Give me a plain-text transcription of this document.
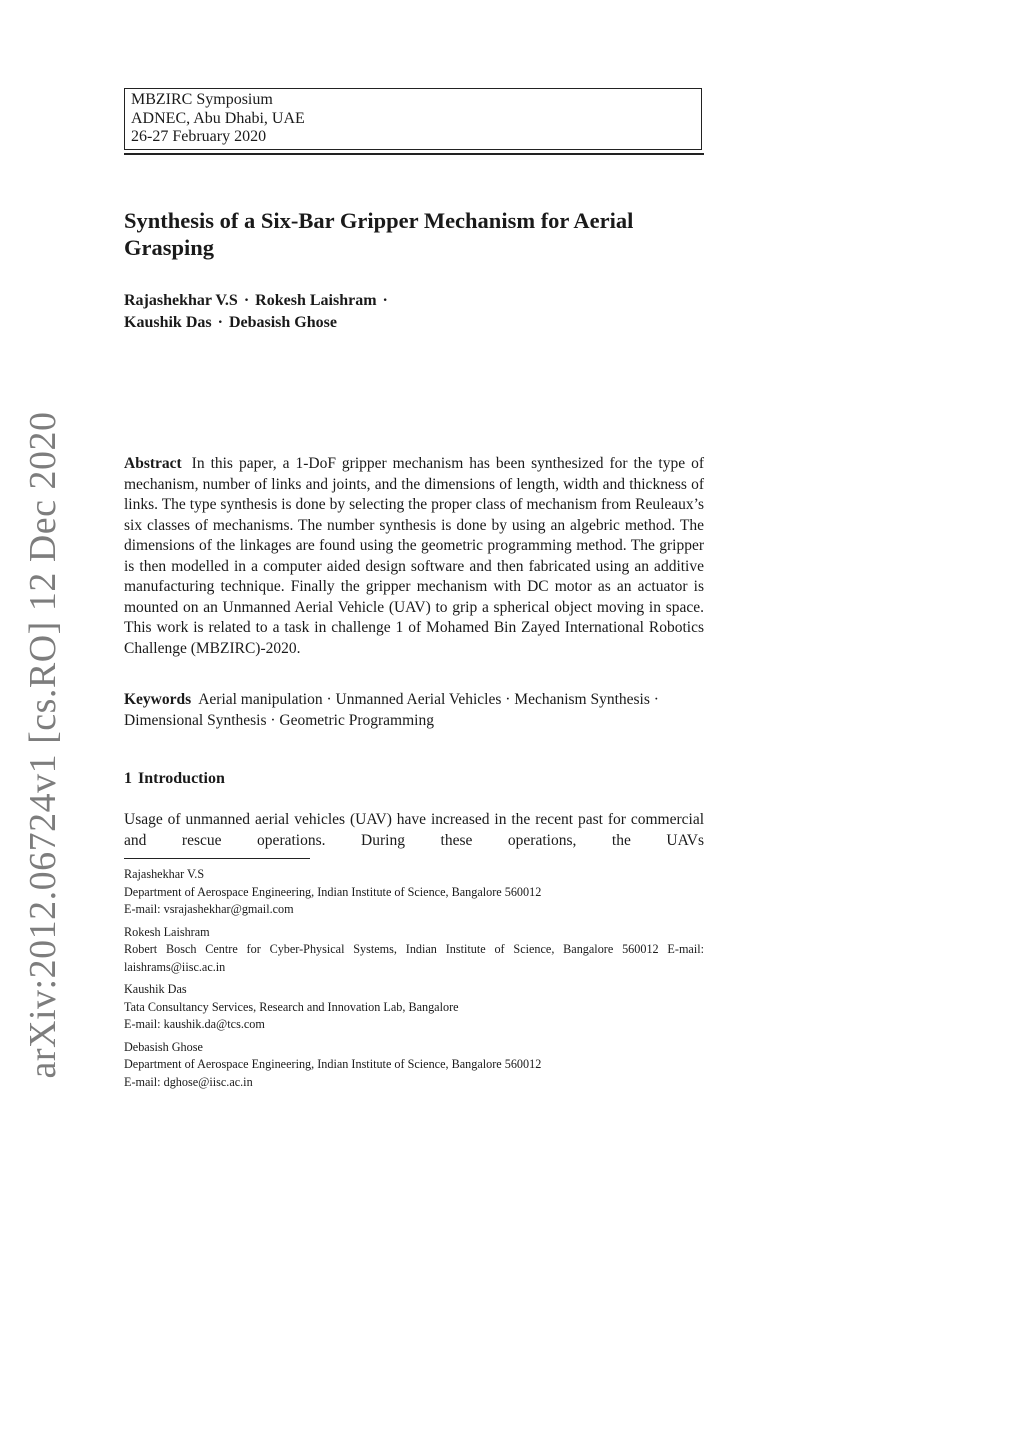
arXiv:2012.06724v1 [cs.RO] 12 Dec 2020
MBZIRC Symposium
ADNEC, Abu Dhabi, UAE
26-27 February 2020
Synthesis of a Six-Bar Gripper Mechanism for Aerial Grasping
Rajashekhar V.S · Rokesh Laishram ·
Kaushik Das · Debasish Ghose

Abstract In this paper, a 1-DoF gripper mechanism has been synthesized for the type of mechanism, number of links and joints, and the dimensions of length, width and thickness of links. The type synthesis is done by selecting the proper class of mechanism from Reuleaux’s six classes of mechanisms. The number synthesis is done by using an algebric method. The dimensions of the linkages are found using the geometric programming method. The gripper is then modelled in a computer aided design software and then fabricated using an additive manufacturing technique. Finally the gripper mechanism with DC motor as an actuator is mounted on an Unmanned Aerial Vehicle (UAV) to grip a spherical object moving in space. This work is related to a task in challenge 1 of Mohamed Bin Zayed International Robotics Challenge (MBZIRC)-2020.

Keywords Aerial manipulation · Unmanned Aerial Vehicles · Mechanism Synthesis · Dimensional Synthesis · Geometric Programming

1 Introduction

Usage of unmanned aerial vehicles (UAV) have increased in the recent past for commercial and rescue operations. During these operations, the UAVs

Rajashekhar V.S
Department of Aerospace Engineering, Indian Institute of Science, Bangalore 560012
E-mail: vsrajashekhar@gmail.com
Rokesh Laishram
Robert Bosch Centre for Cyber-Physical Systems, Indian Institute of Science, Bangalore 560012 E-mail: laishrams@iisc.ac.in
Kaushik Das
Tata Consultancy Services, Research and Innovation Lab, Bangalore
E-mail: kaushik.da@tcs.com
Debasish Ghose
Department of Aerospace Engineering, Indian Institute of Science, Bangalore 560012
E-mail: dghose@iisc.ac.in
